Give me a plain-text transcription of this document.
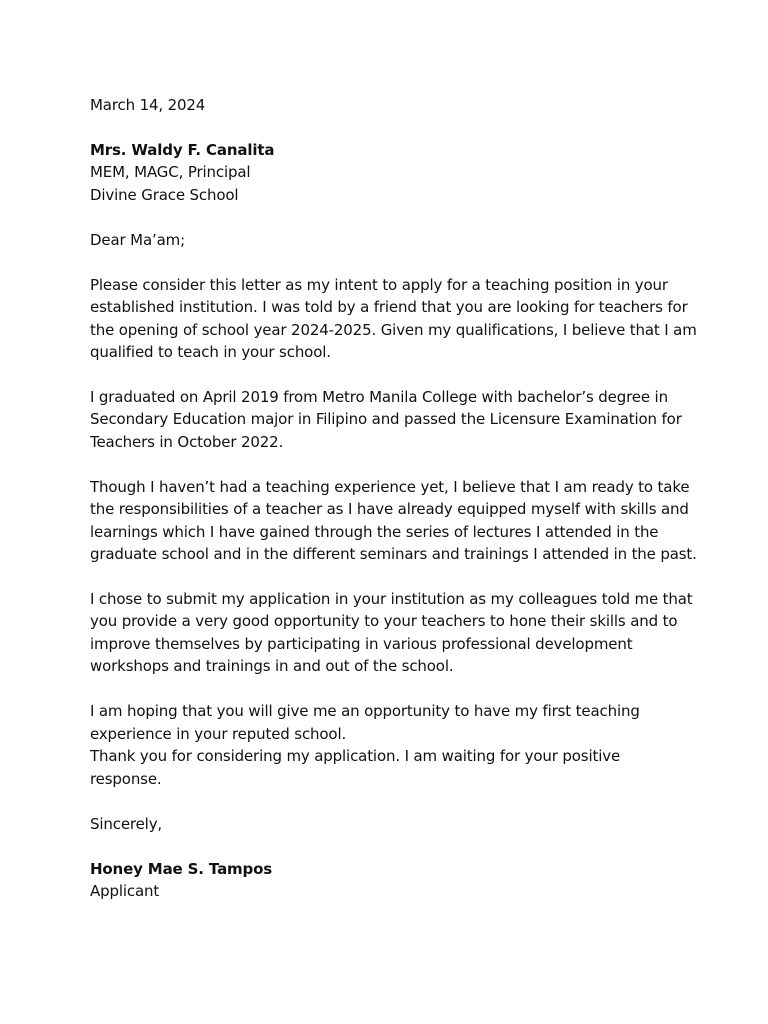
March 14, 2024
Mrs. Waldy F. Canalita
MEM, MAGC, Principal
Divine Grace School
Dear Ma’am;
Please consider this letter as my intent to apply for a teaching position in your
established institution. I was told by a friend that you are looking for teachers for
the opening of school year 2024-2025. Given my qualifications, I believe that I am
qualified to teach in your school.
I graduated on April 2019 from Metro Manila College with bachelor’s degree in
Secondary Education major in Filipino and passed the Licensure Examination for
Teachers in October 2022.
Though I haven’t had a teaching experience yet, I believe that I am ready to take
the responsibilities of a teacher as I have already equipped myself with skills and
learnings which I have gained through the series of lectures I attended in the
graduate school and in the different seminars and trainings I attended in the past.
I chose to submit my application in your institution as my colleagues told me that
you provide a very good opportunity to your teachers to hone their skills and to
improve themselves by participating in various professional development
workshops and trainings in and out of the school.
I am hoping that you will give me an opportunity to have my first teaching
experience in your reputed school.
Thank you for considering my application. I am waiting for your positive
response.
Sincerely,
Honey Mae S. Tampos
Applicant
